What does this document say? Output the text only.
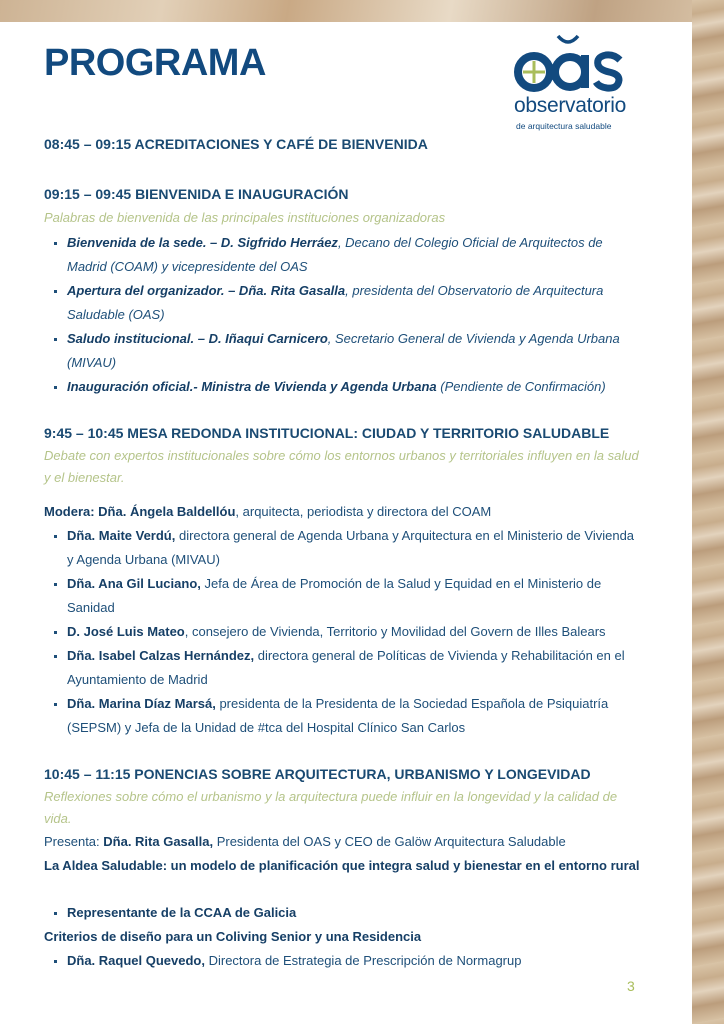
PROGRAMA
observatorio
de arquitectura saludable
08:45 – 09:15 ACREDITACIONES Y CAFÉ DE BIENVENIDA
09:15 – 09:45 BIENVENIDA E INAUGURACIÓN
Palabras de bienvenida de las principales instituciones organizadoras
Bienvenida de la sede. – D. Sigfrido Herráez, Decano del Colegio Oficial de Arquitectos de Madrid (COAM) y vicepresidente del OAS
Apertura del organizador. – Dña. Rita Gasalla, presidenta del Observatorio de Arquitectura Saludable (OAS)
Saludo institucional. – D. Iñaqui Carnicero, Secretario General de Vivienda y Agenda Urbana (MIVAU)
Inauguración oficial.- Ministra de Vivienda y Agenda Urbana (Pendiente de Confirmación)
9:45 – 10:45 MESA REDONDA INSTITUCIONAL: CIUDAD Y TERRITORIO SALUDABLE
Debate con expertos institucionales sobre cómo los entornos urbanos y territoriales influyen en la salud y el bienestar.
Modera: Dña. Ángela Baldellóu, arquitecta, periodista y directora del COAM
Dña. Maite Verdú, directora general de Agenda Urbana y Arquitectura en el Ministerio de Vivienda y Agenda Urbana (MIVAU)
Dña. Ana Gil Luciano, Jefa de Área de Promoción de la Salud y Equidad en el Ministerio de Sanidad
D. José Luis Mateo, consejero de Vivienda, Territorio y Movilidad del Govern de Illes Balears
Dña. Isabel Calzas Hernández, directora general de Políticas de Vivienda y Rehabilitación en el Ayuntamiento de Madrid
Dña. Marina Díaz Marsá, presidenta de la Presidenta de la Sociedad Española de Psiquiatría (SEPSM) y Jefa de la Unidad de #tca del Hospital Clínico San Carlos
10:45 – 11:15 PONENCIAS SOBRE ARQUITECTURA, URBANISMO Y LONGEVIDAD
Reflexiones sobre cómo el urbanismo y la arquitectura puede influir en la longevidad y la calidad de vida.
Presenta: Dña. Rita Gasalla, Presidenta del OAS y CEO de Galöw Arquitectura Saludable
La Aldea Saludable: un modelo de planificación que integra salud y bienestar en el entorno rural
Representante de la CCAA de Galicia
Criterios de diseño para un Coliving Senior y una Residencia
Dña. Raquel Quevedo, Directora de Estrategia de Prescripción de Normagrup
3
